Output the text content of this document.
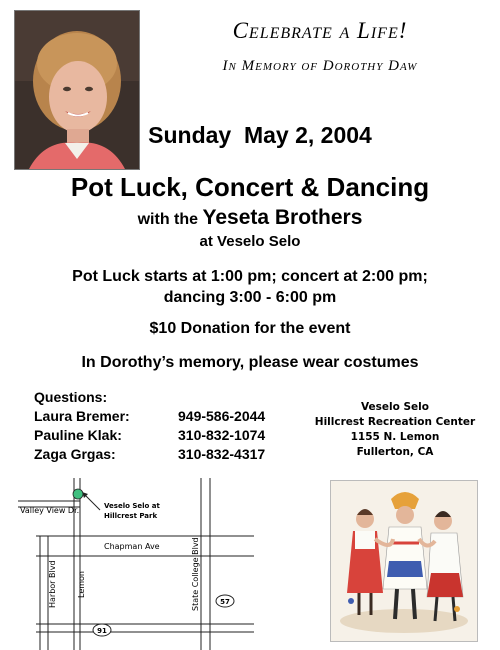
Celebrate a Life!
In Memory of Dorothy Daw
Sunday  May 2, 2004
Pot Luck, Concert & Dancing
with the Yeseta Brothers
at Veselo Selo
Pot Luck starts at 1:00 pm; concert at 2:00 pm;
dancing 3:00 - 6:00 pm
$10 Donation for the event
In Dorothy’s memory, please wear costumes
Questions:
Laura Bremer:	949-586-2044
Pauline Klak:	310-832-1074
Zaga Grgas:	310-832-4317
Veselo Selo
Hillcrest Recreation Center
1155 N. Lemon
Fullerton, CA
Veselo Selo at
Hillcrest Park
Valley View Dr.
Chapman Ave
Harbor Blvd	Lemon	State College Blvd	57
91
